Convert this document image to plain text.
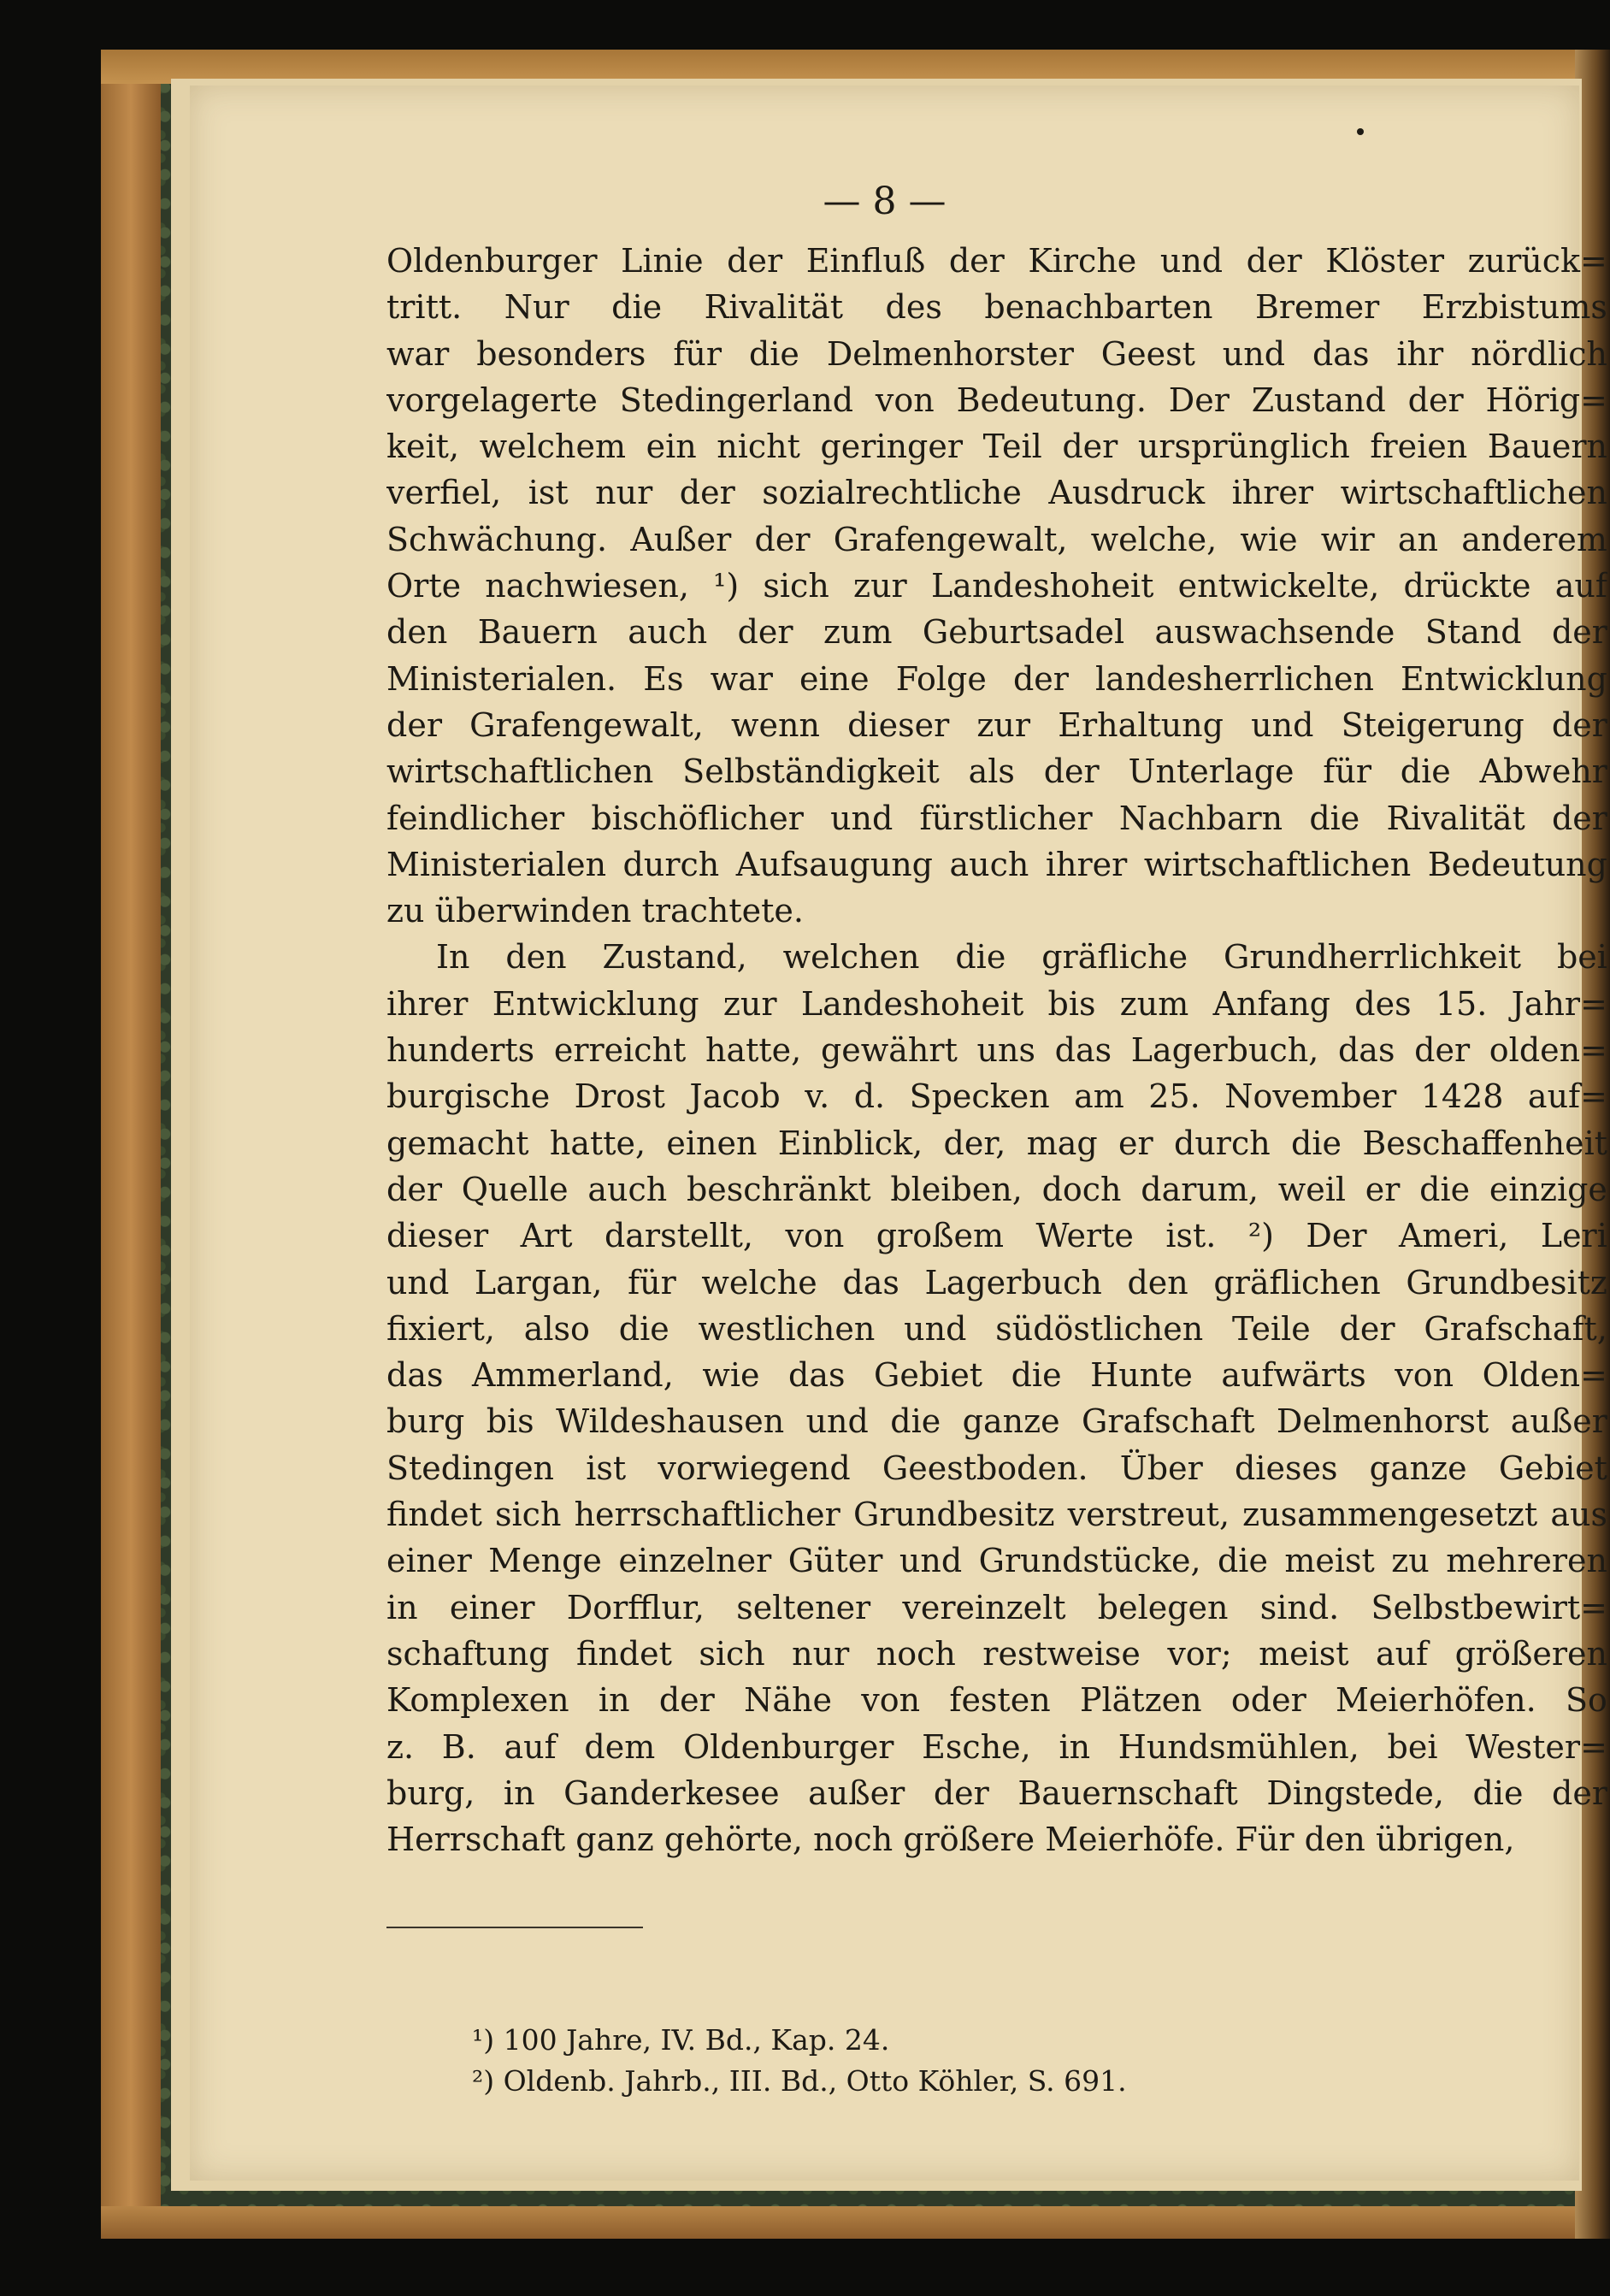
— 8 —
Oldenburger Linie der Einfluß der Kirche und der Klöster zurück=
tritt. Nur die Rivalität des benachbarten Bremer Erzbistums
war besonders für die Delmenhorster Geest und das ihr nördlich
vorgelagerte Stedingerland von Bedeutung. Der Zustand der Hörig=
keit, welchem ein nicht geringer Teil der ursprünglich freien Bauern
verfiel, ist nur der sozialrechtliche Ausdruck ihrer wirtschaftlichen
Schwächung. Außer der Grafengewalt, welche, wie wir an anderem
Orte nachwiesen, ¹) sich zur Landeshoheit entwickelte, drückte auf
den Bauern auch der zum Geburtsadel auswachsende Stand der
Ministerialen. Es war eine Folge der landesherrlichen Entwicklung
der Grafengewalt, wenn dieser zur Erhaltung und Steigerung der
wirtschaftlichen Selbständigkeit als der Unterlage für die Abwehr
feindlicher bischöflicher und fürstlicher Nachbarn die Rivalität der
Ministerialen durch Aufsaugung auch ihrer wirtschaftlichen Bedeutung
zu überwinden trachtete.
In den Zustand, welchen die gräfliche Grundherrlichkeit bei
ihrer Entwicklung zur Landeshoheit bis zum Anfang des 15. Jahr=
hunderts erreicht hatte, gewährt uns das Lagerbuch, das der olden=
burgische Drost Jacob v. d. Specken am 25. November 1428 auf=
gemacht hatte, einen Einblick, der, mag er durch die Beschaffenheit
der Quelle auch beschränkt bleiben, doch darum, weil er die einzige
dieser Art darstellt, von großem Werte ist. ²) Der Ameri, Leri
und Largan, für welche das Lagerbuch den gräflichen Grundbesitz
fixiert, also die westlichen und südöstlichen Teile der Grafschaft,
das Ammerland, wie das Gebiet die Hunte aufwärts von Olden=
burg bis Wildeshausen und die ganze Grafschaft Delmenhorst außer
Stedingen ist vorwiegend Geestboden. Über dieses ganze Gebiet
findet sich herrschaftlicher Grundbesitz verstreut, zusammengesetzt aus
einer Menge einzelner Güter und Grundstücke, die meist zu mehreren
in einer Dorfflur, seltener vereinzelt belegen sind. Selbstbewirt=
schaftung findet sich nur noch restweise vor; meist auf größeren
Komplexen in der Nähe von festen Plätzen oder Meierhöfen. So
z. B. auf dem Oldenburger Esche, in Hundsmühlen, bei Wester=
burg, in Ganderkesee außer der Bauernschaft Dingstede, die der
Herrschaft ganz gehörte, noch größere Meierhöfe. Für den übrigen,
¹) 100 Jahre, IV. Bd., Kap. 24.
²) Oldenb. Jahrb., III. Bd., Otto Köhler, S. 691.
